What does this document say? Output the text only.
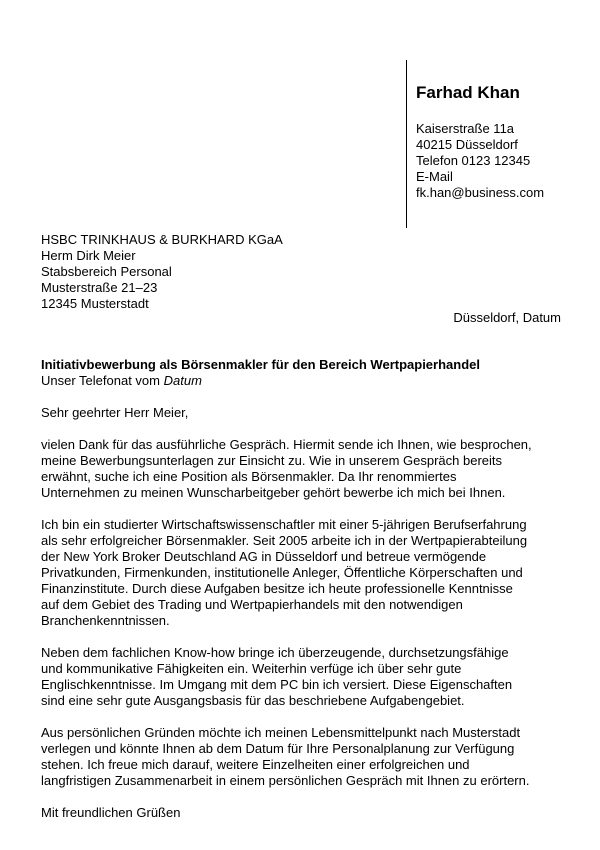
Farhad Khan
Kaiserstraße 11a
40215 Düsseldorf
Telefon 0123 12345
E-Mail
fk.han@business.com
HSBC TRINKHAUS & BURKHARD KGaA
Herm Dirk Meier
Stabsbereich Personal
Musterstraße 21–23
12345 Musterstadt
Düsseldorf, Datum
Initiativbewerbung als Börsenmakler für den Bereich Wertpapierhandel
Unser Telefonat vom Datum
Sehr geehrter Herr Meier,
vielen Dank für das ausführliche Gespräch. Hiermit sende ich Ihnen, wie besprochen,
meine Bewerbungsunterlagen zur Einsicht zu. Wie in unserem Gespräch bereits
erwähnt, suche ich eine Position als Börsenmakler. Da Ihr renommiertes
Unternehmen zu meinen Wunscharbeitgeber gehört bewerbe ich mich bei Ihnen.
Ich bin ein studierter Wirtschaftswissenschaftler mit einer 5-jährigen Berufserfahrung
als sehr erfolgreicher Börsenmakler. Seit 2005 arbeite ich in der Wertpapierabteilung
der New York Broker Deutschland AG in Düsseldorf und betreue vermögende
Privatkunden, Firmenkunden, institutionelle Anleger, Öffentliche Körperschaften und
Finanzinstitute. Durch diese Aufgaben besitze ich heute professionelle Kenntnisse
auf dem Gebiet des Trading und Wertpapierhandels mit den notwendigen
Branchenkenntnissen.
Neben dem fachlichen Know-how bringe ich überzeugende, durchsetzungsfähige
und kommunikative Fähigkeiten ein. Weiterhin verfüge ich über sehr gute
Englischkenntnisse. Im Umgang mit dem PC bin ich versiert. Diese Eigenschaften
sind eine sehr gute Ausgangsbasis für das beschriebene Aufgabengebiet.
Aus persönlichen Gründen möchte ich meinen Lebensmittelpunkt nach Musterstadt
verlegen und könnte Ihnen ab dem Datum für Ihre Personalplanung zur Verfügung
stehen. Ich freue mich darauf, weitere Einzelheiten einer erfolgreichen und
langfristigen Zusammenarbeit in einem persönlichen Gespräch mit Ihnen zu erörtern.
Mit freundlichen Grüßen
